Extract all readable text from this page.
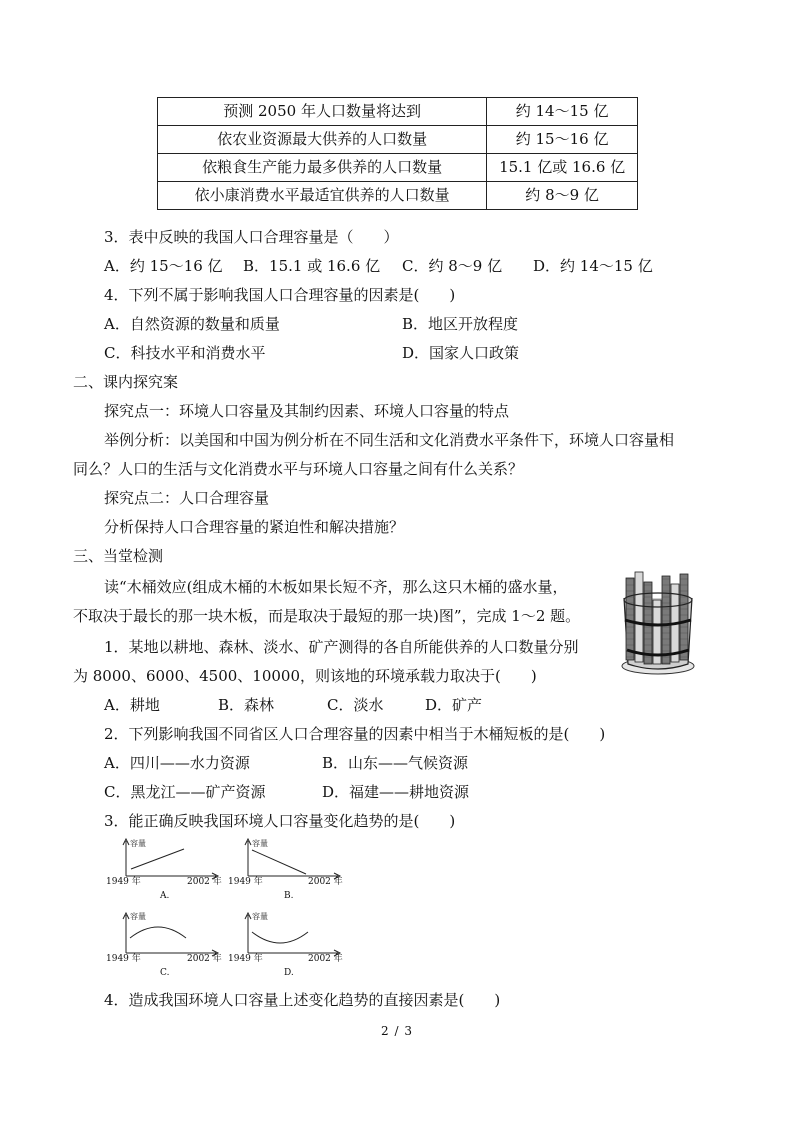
预测 2050 年人口数量将达到	约 14～15 亿
依农业资源最大供养的人口数量	约 15～16 亿
依粮食生产能力最多供养的人口数量	15.1 亿或 16.6 亿
依小康消费水平最适宜供养的人口数量	约 8～9 亿
3．表中反映的我国人口合理容量是（　　）
A．约 15～16 亿 B．15.1 或 16.6 亿 C．约 8～9 亿 D．约 14～15 亿
4．下列不属于影响我国人口合理容量的因素是(　　)
A．自然资源的数量和质量	B．地区开放程度
C．科技水平和消费水平	D．国家人口政策
二、课内探究案
探究点一：环境人口容量及其制约因素、环境人口容量的特点
举例分析：以美国和中国为例分析在不同生活和文化消费水平条件下，环境人口容量相
同么？人口的生活与文化消费水平与环境人口容量之间有什么关系？
探究点二：人口合理容量
分析保持人口合理容量的紧迫性和解决措施？
三、当堂检测
读“木桶效应(组成木桶的木板如果长短不齐，那么这只木桶的盛水量，
不取决于最长的那一块木板，而是取决于最短的那一块)图”，完成 1～2 题。
1．某地以耕地、森林、淡水、矿产测得的各自所能供养的人口数量分别
为 8000、6000、4500、10000，则该地的环境承载力取决于(　　)
A．耕地	B．森林	C．淡水	D．矿产
2．下列影响我国不同省区人口合理容量的因素中相当于木桶短板的是(　　)
A．四川——水力资源	B．山东——气候资源
C．黑龙江——矿产资源	D．福建——耕地资源
3．能正确反映我国环境人口容量变化趋势的是(　　)
容量
1949 年	2002 年
A.
容量
1949 年	2002 年
B.
容量
1949 年	2002 年
C.
容量
1949 年	2002 年
D.
4．造成我国环境人口容量上述变化趋势的直接因素是(　　)
2 / 3
